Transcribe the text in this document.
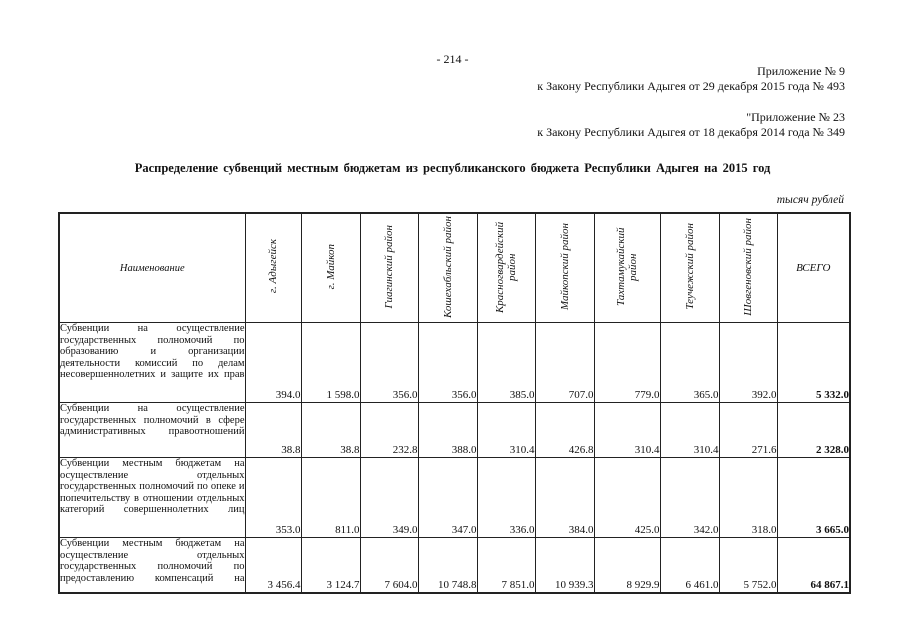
- 214 -
Приложение № 9
к Закону Республики Адыгея от 29 декабря 2015 года № 493
"Приложение № 23
к Закону Республики Адыгея от 18 декабря 2014 года № 349
Распределение субвенций местным бюджетам из республиканского бюджета Республики Адыгея на 2015 год
тысяч рублей
Наименование	г. Адыгейск	г. Майкоп	Гиагинский район	Кошехабльский район	Красногвардейский район	Майкопский район	Тахтамукайский район	Теучежский район	Шовгеновский район	ВСЕГО
Субвенции на осуществление государственных полномочий по образованию и организации деятельности комиссий по делам несовершеннолетних и защите их прав	394.0	1 598.0	356.0	356.0	385.0	707.0	779.0	365.0	392.0	5 332.0
Субвенции на осуществление государственных полномочий в сфере административных правоотношений	38.8	38.8	232.8	388.0	310.4	426.8	310.4	310.4	271.6	2 328.0
Субвенции местным бюджетам на осуществление отдельных государственных полномочий по опеке и попечительству в отношении отдельных категорий совершеннолетних лиц	353.0	811.0	349.0	347.0	336.0	384.0	425.0	342.0	318.0	3 665.0
Субвенции местным бюджетам на осуществление отдельных государственных полномочий по предоставлению компенсаций на	3 456.4	3 124.7	7 604.0	10 748.8	7 851.0	10 939.3	8 929.9	6 461.0	5 752.0	64 867.1
